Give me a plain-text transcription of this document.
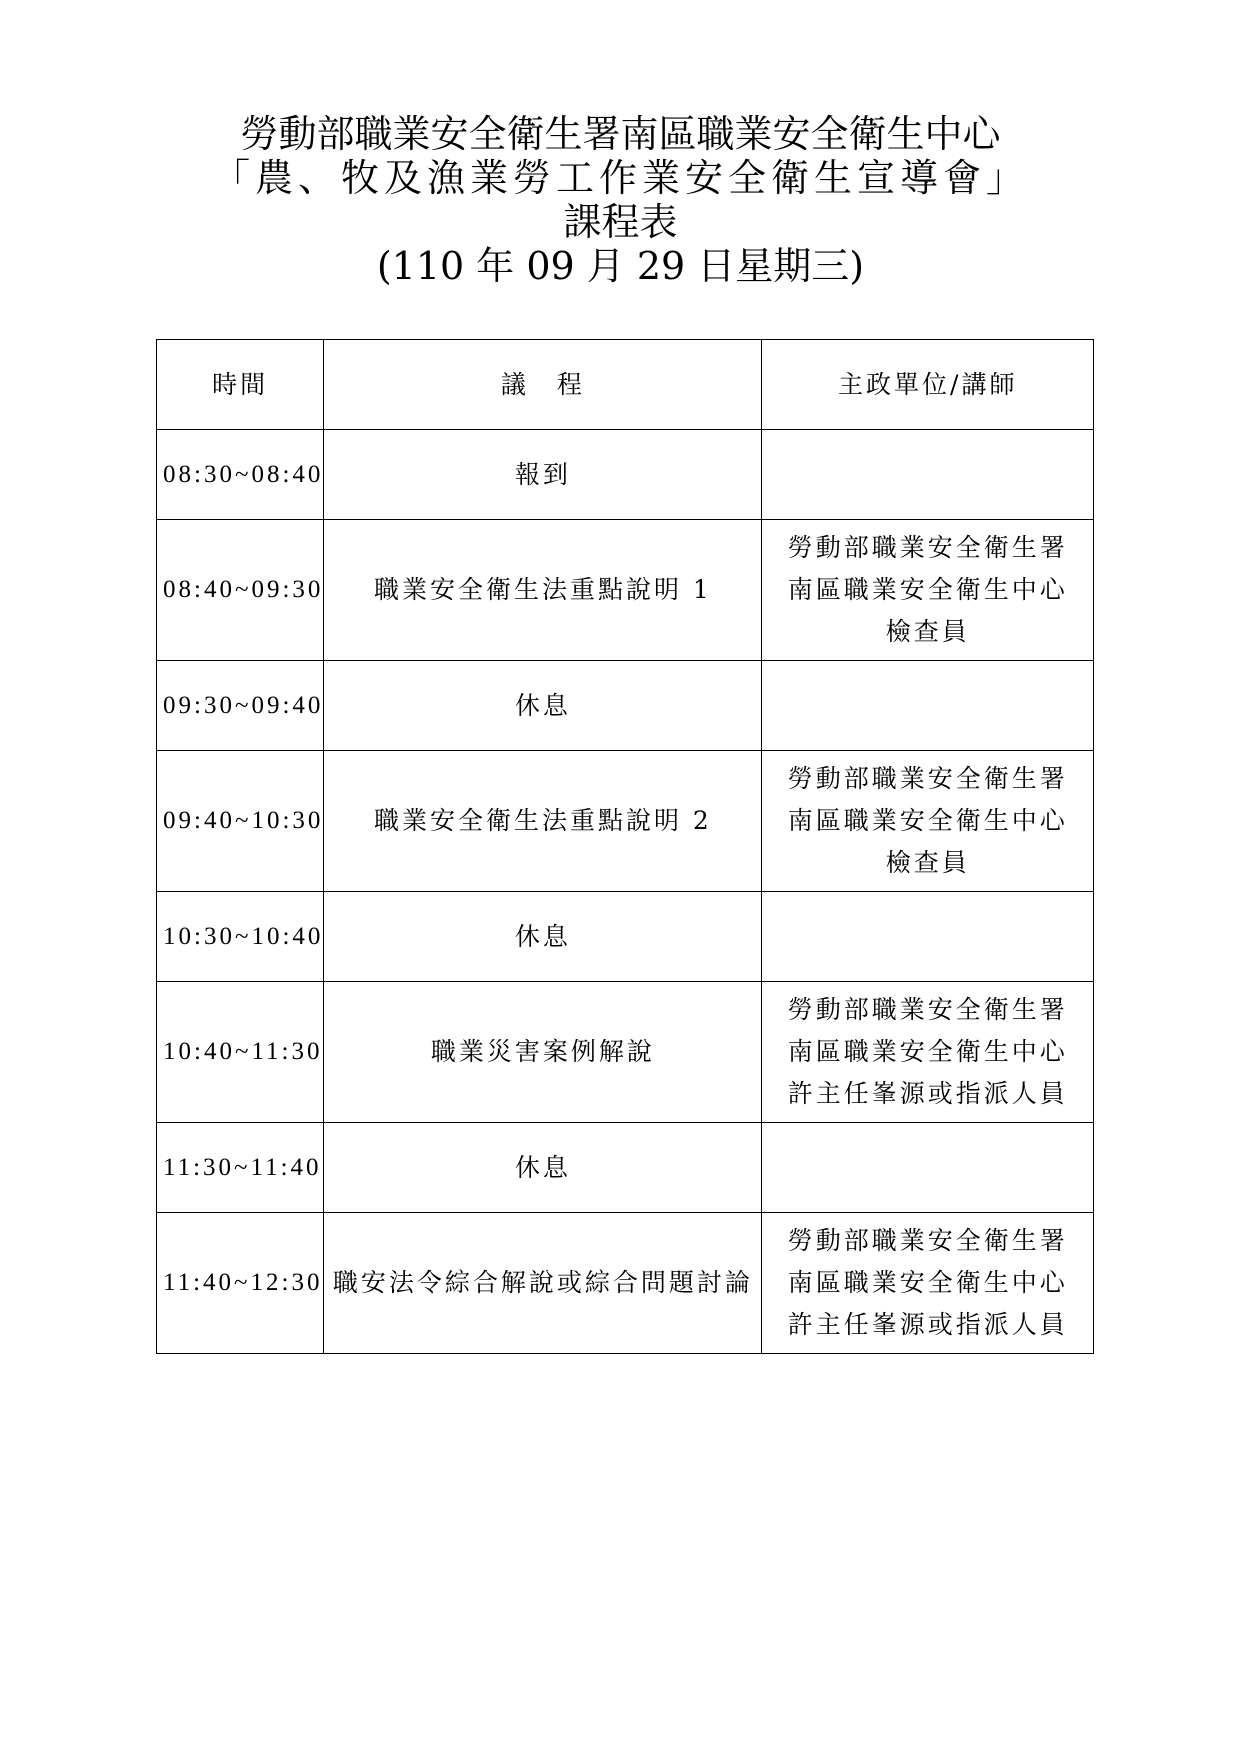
勞動部職業安全衛生署南區職業安全衛生中心
「農、牧及漁業勞工作業安全衛生宣導會」
課程表
(110 年 09 月 29 日星期三)
時間	議　程	主政單位/講師
08:30~08:40	報到	
08:40~09:30	職業安全衛生法重點說明 1	勞動部職業安全衛生署
南區職業安全衛生中心
檢查員

09:30~09:40	休息	
09:40~10:30	職業安全衛生法重點說明 2	勞動部職業安全衛生署
南區職業安全衛生中心
檢查員

10:30~10:40	休息	
10:40~11:30	職業災害案例解說	勞動部職業安全衛生署
南區職業安全衛生中心
許主任峯源或指派人員

11:30~11:40	休息	
11:40~12:30	職安法令綜合解說或綜合問題討論	勞動部職業安全衛生署
南區職業安全衛生中心
許主任峯源或指派人員
